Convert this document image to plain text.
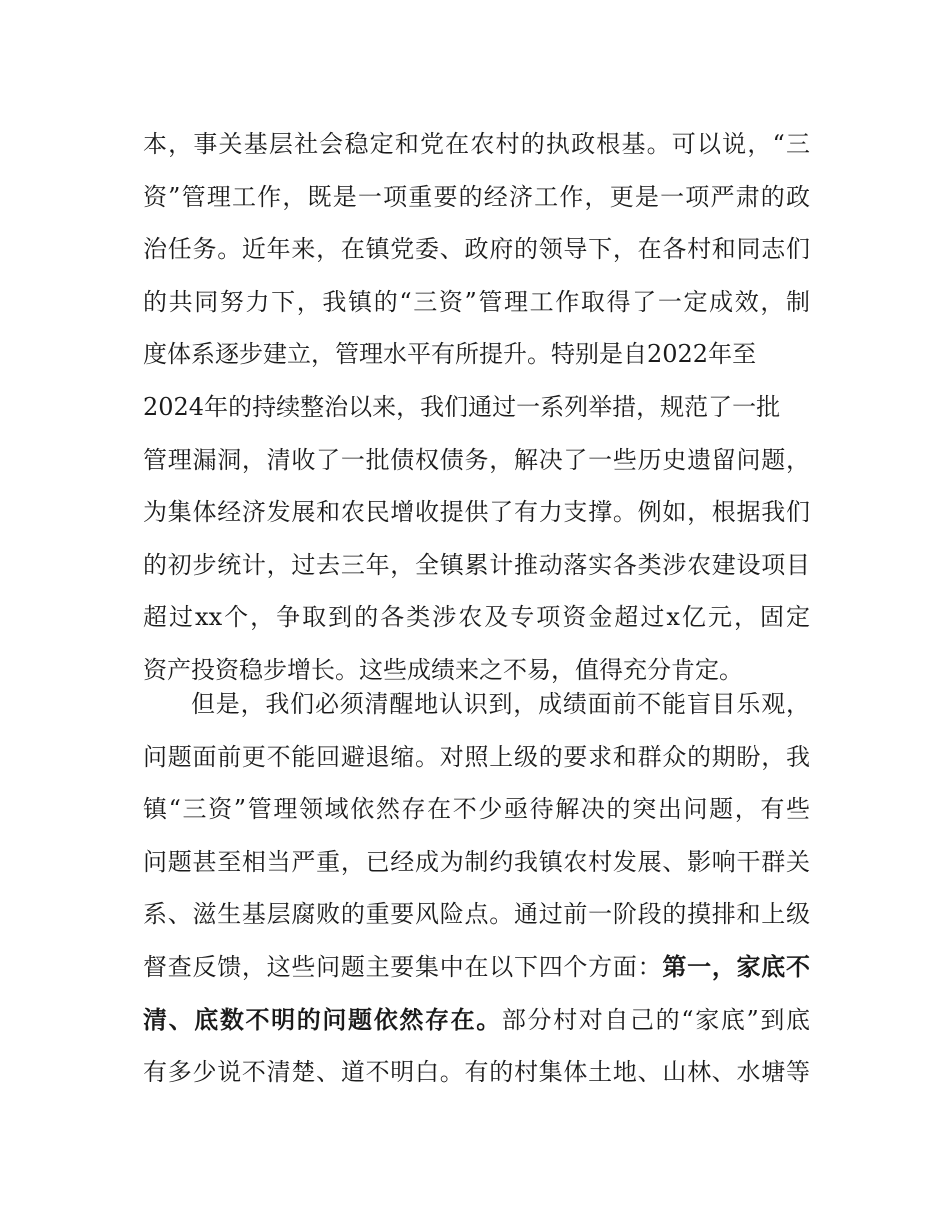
本，事关基层社会稳定和党在农村的执政根基。可以说，“三
资”管理工作，既是一项重要的经济工作，更是一项严肃的政
治任务。近年来，在镇党委、政府的领导下，在各村和同志们
的共同努力下，我镇的“三资”管理工作取得了一定成效，制
度体系逐步建立，管理水平有所提升。特别是自2022年至
2024年的持续整治以来，我们通过一系列举措，规范了一批
管理漏洞，清收了一批债权债务，解决了一些历史遗留问题，
为集体经济发展和农民增收提供了有力支撑。例如，根据我们
的初步统计，过去三年，全镇累计推动落实各类涉农建设项目
超过xx个，争取到的各类涉农及专项资金超过x亿元，固定
资产投资稳步增长。这些成绩来之不易，值得充分肯定。
但是，我们必须清醒地认识到，成绩面前不能盲目乐观，
问题面前更不能回避退缩。对照上级的要求和群众的期盼，我
镇“三资”管理领域依然存在不少亟待解决的突出问题，有些
问题甚至相当严重，已经成为制约我镇农村发展、影响干群关
系、滋生基层腐败的重要风险点。通过前一阶段的摸排和上级
督查反馈，这些问题主要集中在以下四个方面：第一，家底不
清、底数不明的问题依然存在。部分村对自己的“家底”到底
有多少说不清楚、道不明白。有的村集体土地、山林、水塘等
